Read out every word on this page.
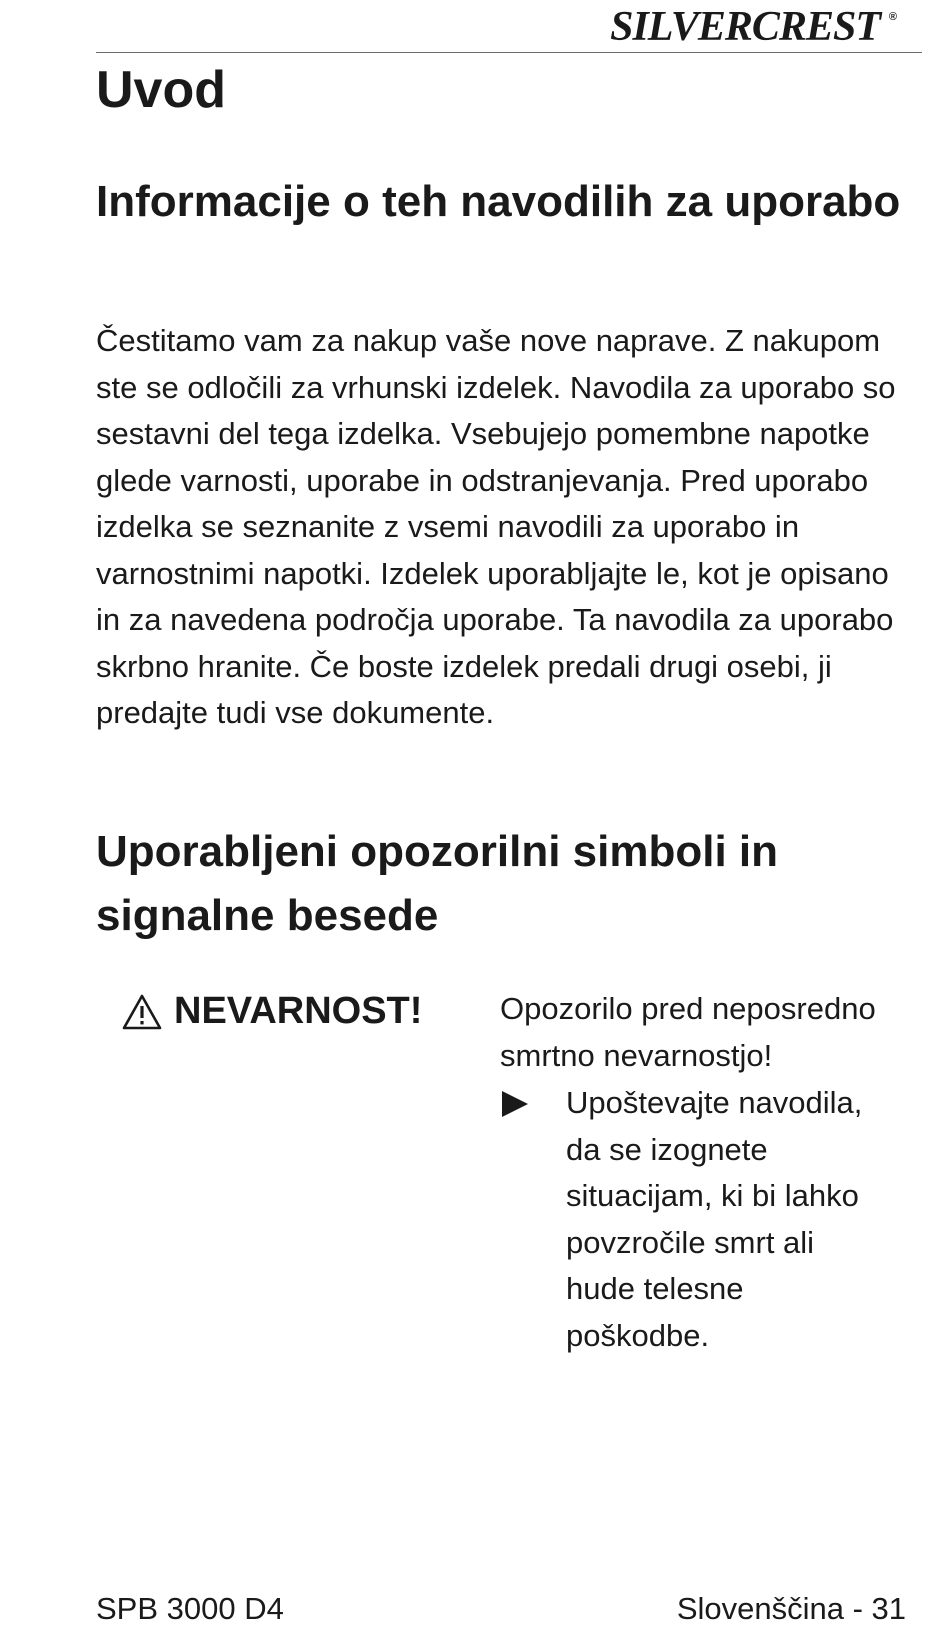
SILVERCREST ®
Uvod
Informacije o teh navodilih za uporabo

Čestitamo vam za nakup vaše nove naprave. Z nakupom ste se odločili za vrhunski izdelek. Navodila za uporabo so sestavni del tega izdelka. Vsebujejo pomembne napotke glede varnosti, uporabe in odstranjevanja. Pred uporabo izdelka se seznanite z vsemi navodili za uporabo in varnostnimi napotki. Izdelek uporabljajte le, kot je opisano in za navedena področja uporabe. Ta navodila za uporabo skrbno hranite. Če boste izdelek predali drugi osebi, ji predajte tudi vse dokumente.

Uporabljeni opozorilni simboli in signalne besede
NEVARNOST!	Opozorilo pred neposredno smrtno nevarnostjo!

Upoštevajte navodila, da se izognete situacijam, ki bi lahko povzročile smrt ali hude telesne poškodbe.
SPB 3000 D4	Slovenščina - 31
